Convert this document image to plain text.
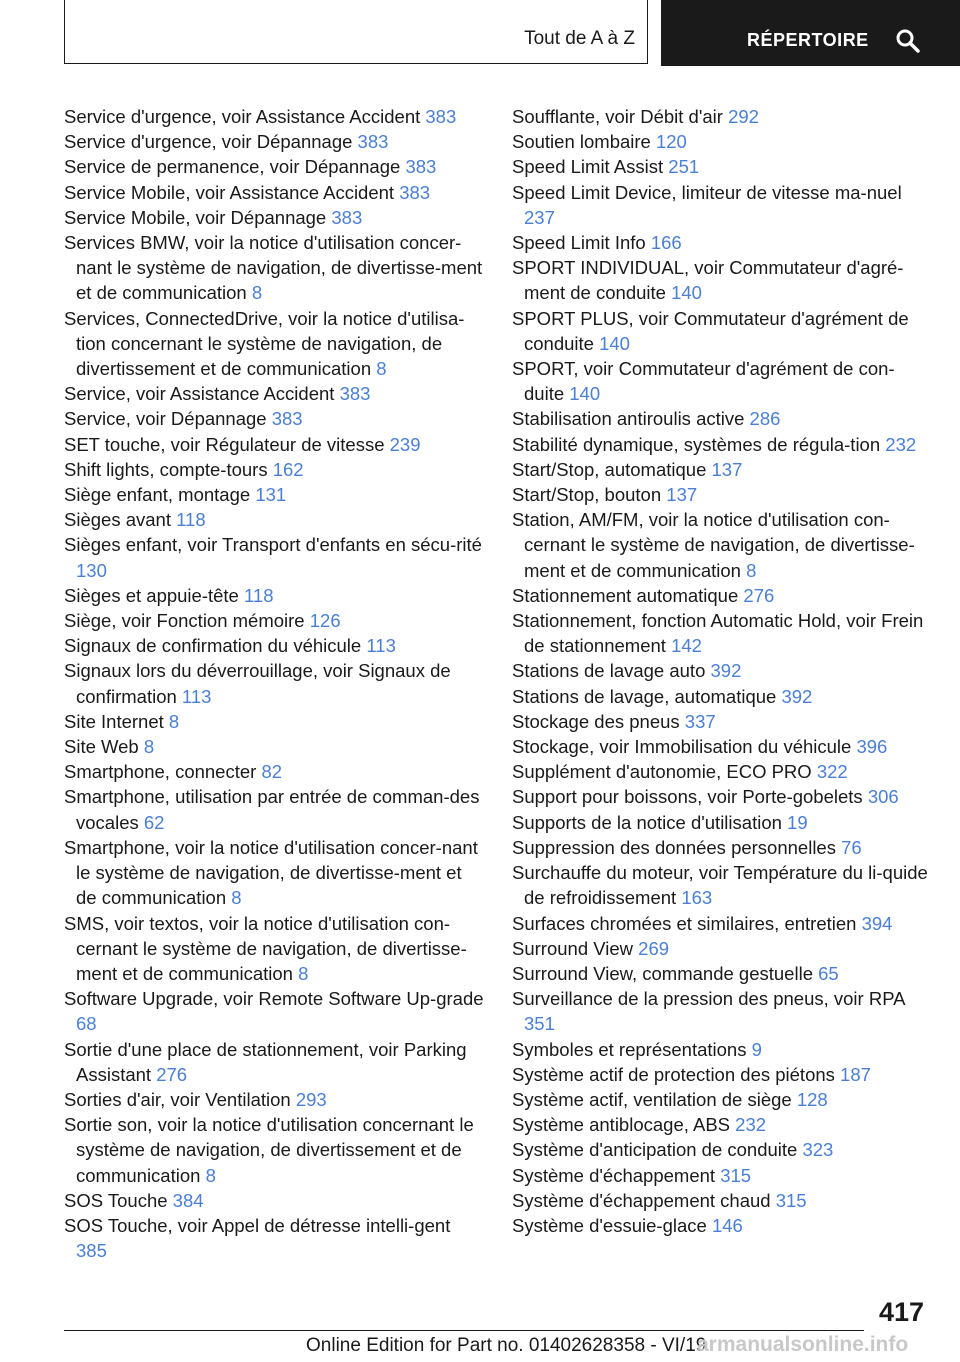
Tout de A à Z	RÉPERTOIRE
Service d'urgence, voir Assistance Accident 383
Service d'urgence, voir Dépannage 383
Service de permanence, voir Dépannage 383
Service Mobile, voir Assistance Accident 383
Service Mobile, voir Dépannage 383
Services BMW, voir la notice d'utilisation concer-nant le système de navigation, de divertisse-ment et de communication 8
Services, ConnectedDrive, voir la notice d'utilisa-tion concernant le système de navigation, de divertissement et de communication 8
Service, voir Assistance Accident 383
Service, voir Dépannage 383
SET touche, voir Régulateur de vitesse 239
Shift lights, compte-tours 162
Siège enfant, montage 131
Sièges avant 118
Sièges enfant, voir Transport d'enfants en sécu-rité 130
Sièges et appuie-tête 118
Siège, voir Fonction mémoire 126
Signaux de confirmation du véhicule 113
Signaux lors du déverrouillage, voir Signaux de confirmation 113
Site Internet 8
Site Web 8
Smartphone, connecter 82
Smartphone, utilisation par entrée de comman-des vocales 62
Smartphone, voir la notice d'utilisation concer-nant le système de navigation, de divertisse-ment et de communication 8
SMS, voir textos, voir la notice d'utilisation con-cernant le système de navigation, de divertisse-ment et de communication 8
Software Upgrade, voir Remote Software Up-grade 68
Sortie d'une place de stationnement, voir Parking Assistant 276
Sorties d'air, voir Ventilation 293
Sortie son, voir la notice d'utilisation concernant le système de navigation, de divertissement et de communication 8
SOS Touche 384
SOS Touche, voir Appel de détresse intelli-gent 385
Soufflante, voir Débit d'air 292
Soutien lombaire 120
Speed Limit Assist 251
Speed Limit Device, limiteur de vitesse ma-nuel 237
Speed Limit Info 166
SPORT INDIVIDUAL, voir Commutateur d'agré-ment de conduite 140
SPORT PLUS, voir Commutateur d'agrément de conduite 140
SPORT, voir Commutateur d'agrément de con-duite 140
Stabilisation antiroulis active 286
Stabilité dynamique, systèmes de régula-tion 232
Start/Stop, automatique 137
Start/Stop, bouton 137
Station, AM/FM, voir la notice d'utilisation con-cernant le système de navigation, de divertisse-ment et de communication 8
Stationnement automatique 276
Stationnement, fonction Automatic Hold, voir Frein de stationnement 142
Stations de lavage auto 392
Stations de lavage, automatique 392
Stockage des pneus 337
Stockage, voir Immobilisation du véhicule 396
Supplément d'autonomie, ECO PRO 322
Support pour boissons, voir Porte-gobelets 306
Supports de la notice d'utilisation 19
Suppression des données personnelles 76
Surchauffe du moteur, voir Température du li-quide de refroidissement 163
Surfaces chromées et similaires, entretien 394
Surround View 269
Surround View, commande gestuelle 65
Surveillance de la pression des pneus, voir RPA 351
Symboles et représentations 9
Système actif de protection des piétons 187
Système actif, ventilation de siège 128
Système antiblocage, ABS 232
Système d'anticipation de conduite 323
Système d'échappement 315
Système d'échappement chaud 315
Système d'essuie-glace 146
417
Online Edition for Part no. 01402628358 - VI/19
armanualsonline.info
